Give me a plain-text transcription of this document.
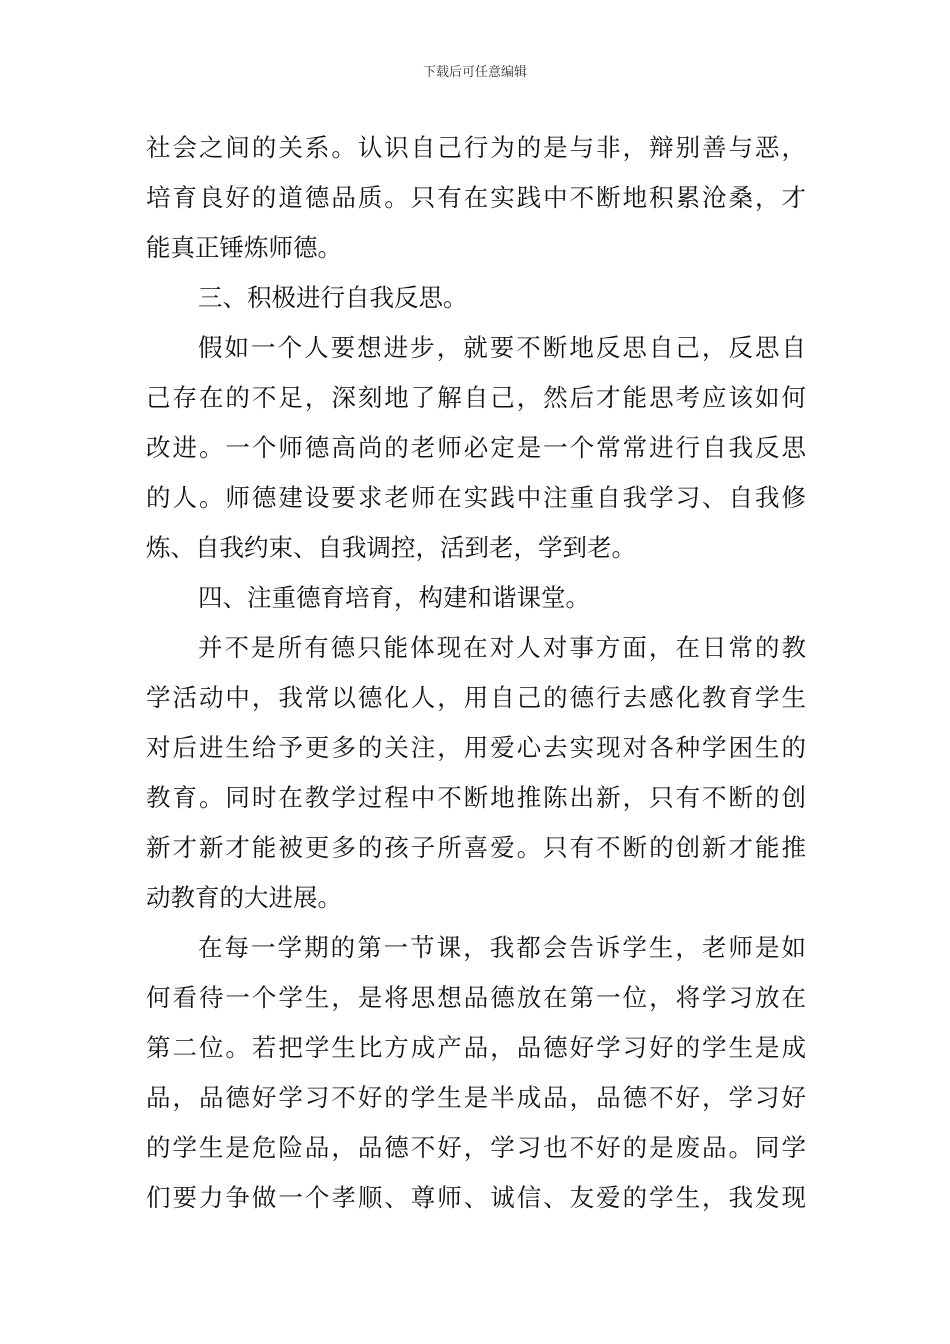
下载后可任意编辑
社会之间的关系。认识自己行为的是与非，辩别善与恶，
培育良好的道德品质。只有在实践中不断地积累沧桑，才
能真正锤炼师德。
三、积极进行自我反思。
假如一个人要想进步，就要不断地反思自己，反思自
己存在的不足，深刻地了解自己，然后才能思考应该如何
改进。一个师德高尚的老师必定是一个常常进行自我反思
的人。师德建设要求老师在实践中注重自我学习、自我修
炼、自我约束、自我调控，活到老，学到老。
四、注重德育培育，构建和谐课堂。
并不是所有德只能体现在对人对事方面，在日常的教
学活动中，我常以德化人，用自己的德行去感化教育学生
对后进生给予更多的关注，用爱心去实现对各种学困生的
教育。同时在教学过程中不断地推陈出新，只有不断的创
新才新才能被更多的孩子所喜爱。只有不断的创新才能推
动教育的大进展。
在每一学期的第一节课，我都会告诉学生，老师是如
何看待一个学生，是将思想品德放在第一位，将学习放在
第二位。若把学生比方成产品，品德好学习好的学生是成
品，品德好学习不好的学生是半成品，品德不好，学习好
的学生是危险品，品德不好，学习也不好的是废品。同学
们要力争做一个孝顺、尊师、诚信、友爱的学生，我发现
